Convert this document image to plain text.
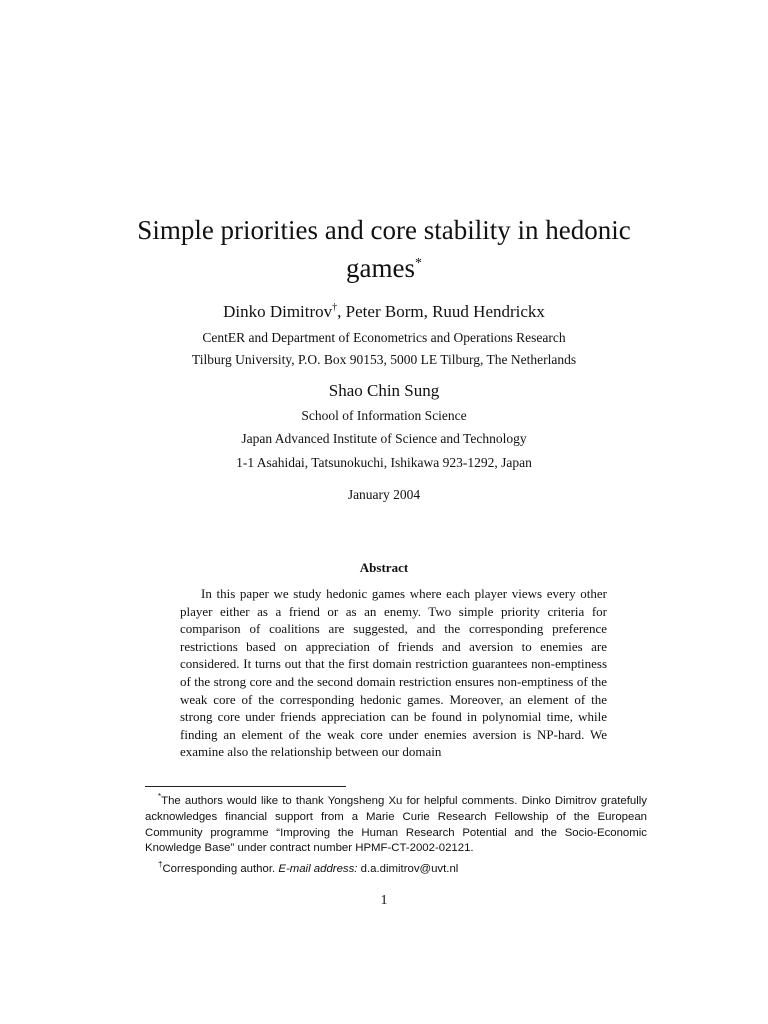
Simple priorities and core stability in hedonic games*
Dinko Dimitrov†, Peter Borm, Ruud Hendrickx
CentER and Department of Econometrics and Operations Research
Tilburg University, P.O. Box 90153, 5000 LE Tilburg, The Netherlands
Shao Chin Sung
School of Information Science
Japan Advanced Institute of Science and Technology
1-1 Asahidai, Tatsunokuchi, Ishikawa 923-1292, Japan
January 2004
Abstract
In this paper we study hedonic games where each player views every other player either as a friend or as an enemy. Two simple priority criteria for comparison of coalitions are suggested, and the corresponding preference restrictions based on appreciation of friends and aversion to enemies are considered. It turns out that the first domain restriction guarantees non-emptiness of the strong core and the second domain restriction ensures non-emptiness of the weak core of the corresponding hedonic games. Moreover, an element of the strong core under friends appreciation can be found in polynomial time, while finding an element of the weak core under enemies aversion is NP-hard. We examine also the relationship between our domain

*The authors would like to thank Yongsheng Xu for helpful comments. Dinko Dimitrov gratefully acknowledges financial support from a Marie Curie Research Fellowship of the European Community programme “Improving the Human Research Potential and the Socio-Economic Knowledge Base” under contract number HPMF-CT-2002-02121.

†Corresponding author. E-mail address: d.a.dimitrov@uvt.nl

1
